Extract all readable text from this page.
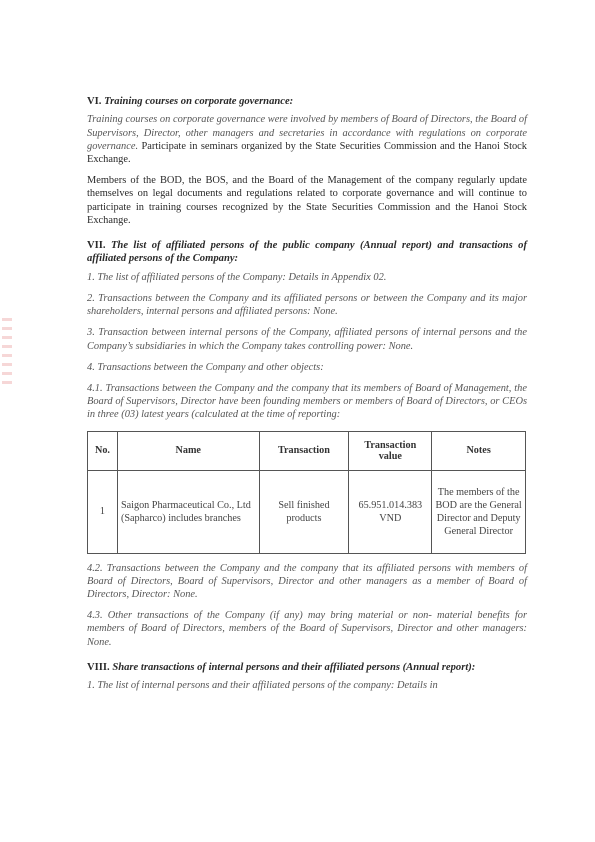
VI. Training courses on corporate governance:

Training courses on corporate governance were involved by members of Board of Directors, the Board of Supervisors, Director, other managers and secretaries in accordance with regulations on corporate governance. Participate in seminars organized by the State Securities Commission and the Hanoi Stock Exchange.

Members of the BOD, the BOS, and the Board of the Management of the company regularly update themselves on legal documents and regulations related to corporate governance and will continue to participate in training courses recognized by the State Securities Commission and the Hanoi Stock Exchange.

VII. The list of affiliated persons of the public company (Annual report) and transactions of affiliated persons of the Company:

1. The list of affiliated persons of the Company: Details in Appendix 02.

2. Transactions between the Company and its affiliated persons or between the Company and its major shareholders, internal persons and affiliated persons: None.

3. Transaction between internal persons of the Company, affiliated persons of internal persons and the Company’s subsidiaries in which the Company takes controlling power: None.

4. Transactions between the Company and other objects:

4.1. Transactions between the Company and the company that its members of Board of Management, the Board of Supervisors, Director have been founding members or members of Board of Directors, or CEOs in three (03) latest years (calculated at the time of reporting:

No.	Name	Transaction	Transaction value	Notes
1	Saigon Pharmaceutical Co., Ltd (Sapharco) includes branches	Sell finished products	65.951.014.383 VND	The members of the BOD are the General Director and Deputy General Director

4.2. Transactions between the Company and the company that its affiliated persons with members of Board of Directors, Board of Supervisors, Director and other managers as a member of Board of Directors, Director: None.

4.3. Other transactions of the Company (if any) may bring material or non- material benefits for members of Board of Directors, members of the Board of Supervisors, Director and other managers: None.

VIII. Share transactions of internal persons and their affiliated persons (Annual report):

1. The list of internal persons and their affiliated persons of the company: Details in
